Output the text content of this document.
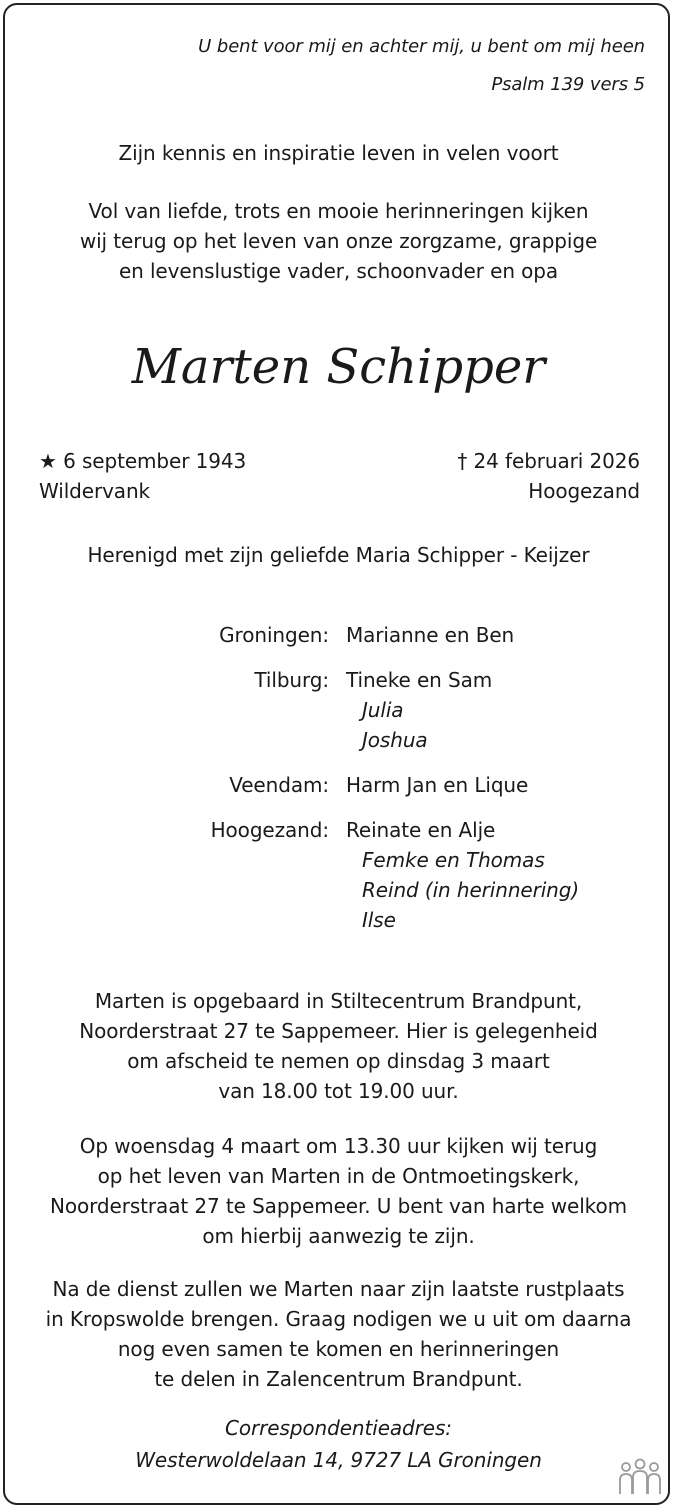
U bent voor mij en achter mij, u bent om mij heen
Psalm 139 vers 5
Zijn kennis en inspiratie leven in velen voort
Vol van liefde, trots en mooie herinneringen kijken
wij terug op het leven van onze zorgzame, grappige
en levenslustige vader, schoonvader en opa
Marten Schipper
★ 6 september 1943
Wildervank
† 24 februari 2026
Hoogezand
Herenigd met zijn geliefde Maria Schipper - Keijzer
Groningen: Marianne en Ben
Tilburg: Tineke en Sam
Julia
Joshua
Veendam: Harm Jan en Lique
Hoogezand: Reinate en Alje
Femke en Thomas
Reind (in herinnering)
Ilse
Marten is opgebaard in Stiltecentrum Brandpunt,
Noorderstraat 27 te Sappemeer. Hier is gelegenheid
om afscheid te nemen op dinsdag 3 maart
van 18.00 tot 19.00 uur.
Op woensdag 4 maart om 13.30 uur kijken wij terug
op het leven van Marten in de Ontmoetingskerk,
Noorderstraat 27 te Sappemeer. U bent van harte welkom
om hierbij aanwezig te zijn.
Na de dienst zullen we Marten naar zijn laatste rustplaats
in Kropswolde brengen. Graag nodigen we u uit om daarna
nog even samen te komen en herinneringen
te delen in Zalencentrum Brandpunt.
Correspondentieadres:
Westerwoldelaan 14, 9727 LA Groningen
